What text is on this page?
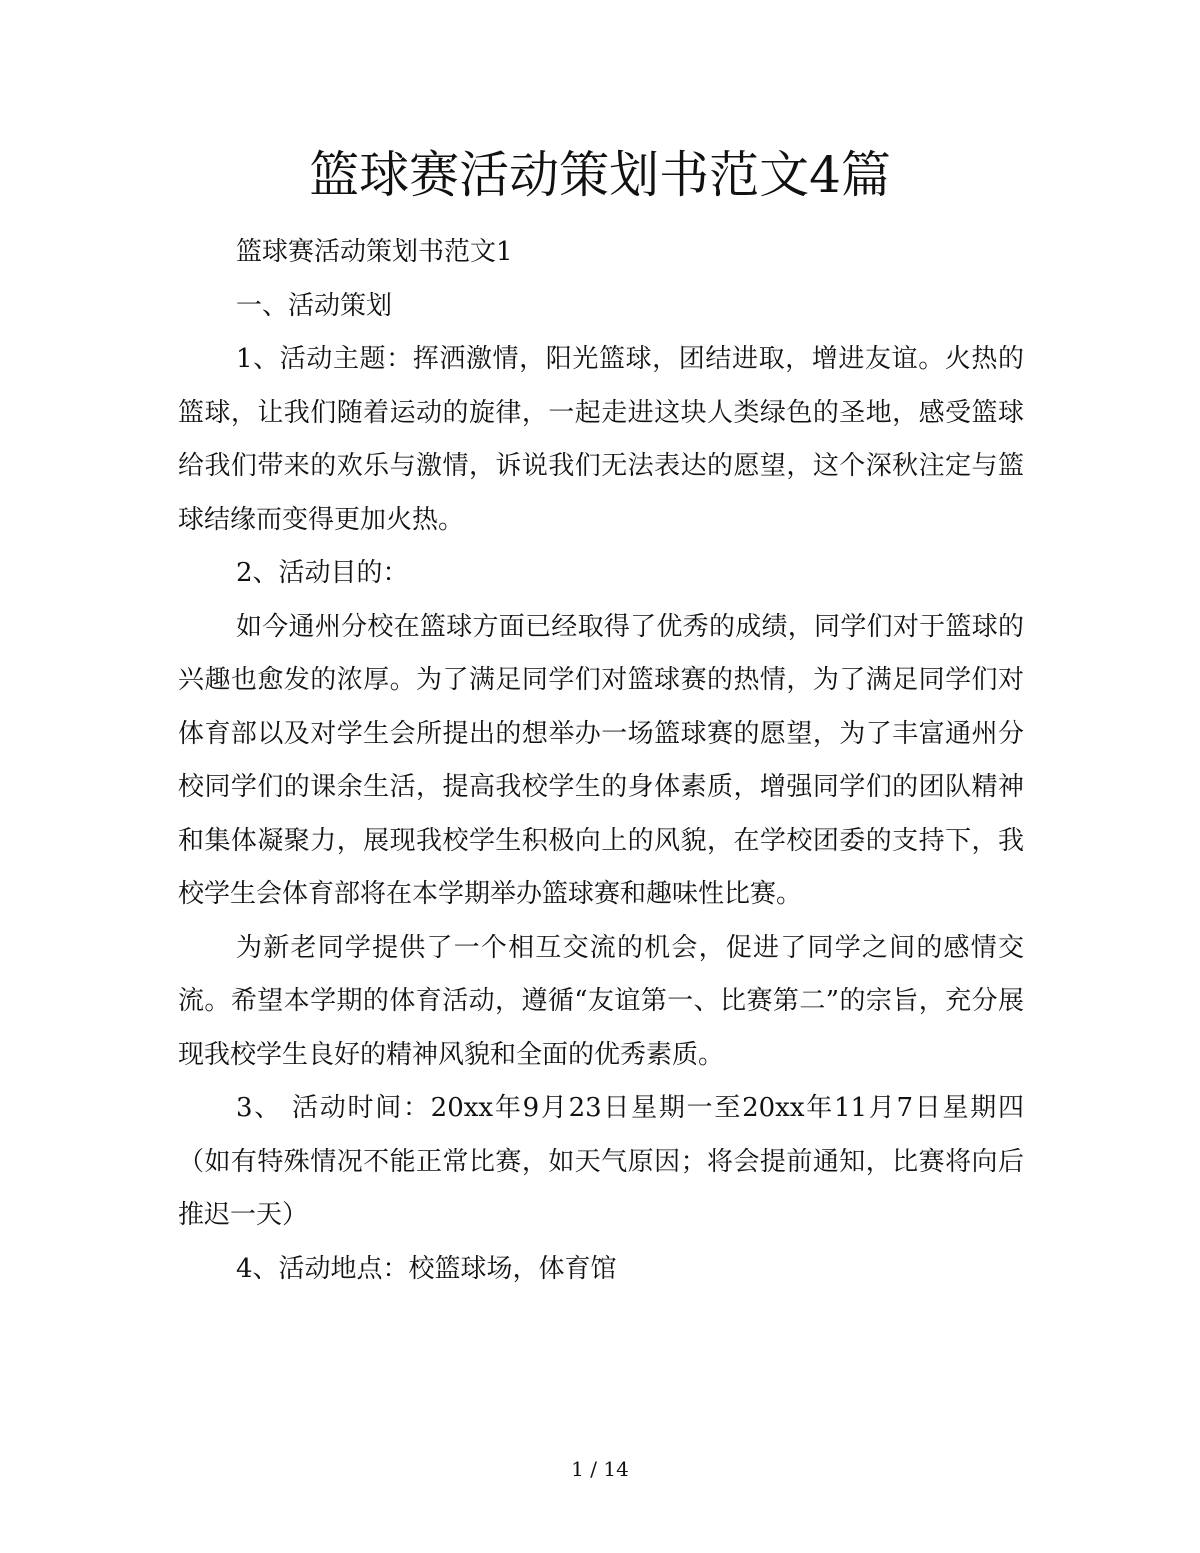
篮球赛活动策划书范文4篇

篮球赛活动策划书范文1

一、活动策划

1、活动主题：挥洒激情，阳光篮球，团结进取，增进友谊。火热的篮球，让我们随着运动的旋律，一起走进这块人类绿色的圣地，感受篮球给我们带来的欢乐与激情，诉说我们无法表达的愿望，这个深秋注定与篮球结缘而变得更加火热。

2、活动目的：

如今通州分校在篮球方面已经取得了优秀的成绩，同学们对于篮球的兴趣也愈发的浓厚。为了满足同学们对篮球赛的热情，为了满足同学们对体育部以及对学生会所提出的想举办一场篮球赛的愿望，为了丰富通州分校同学们的课余生活，提高我校学生的身体素质，增强同学们的团队精神和集体凝聚力，展现我校学生积极向上的风貌，在学校团委的支持下，我校学生会体育部将在本学期举办篮球赛和趣味性比赛。

为新老同学提供了一个相互交流的机会，促进了同学之间的感情交流。希望本学期的体育活动，遵循“友谊第一、比赛第二”的宗旨，充分展现我校学生良好的精神风貌和全面的优秀素质。

3、 活动时间：20xx年9月23日星期一至20xx年11月7日星期四（如有特殊情况不能正常比赛，如天气原因；将会提前通知，比赛将向后推迟一天）

4、活动地点：校篮球场，体育馆

1 / 14
